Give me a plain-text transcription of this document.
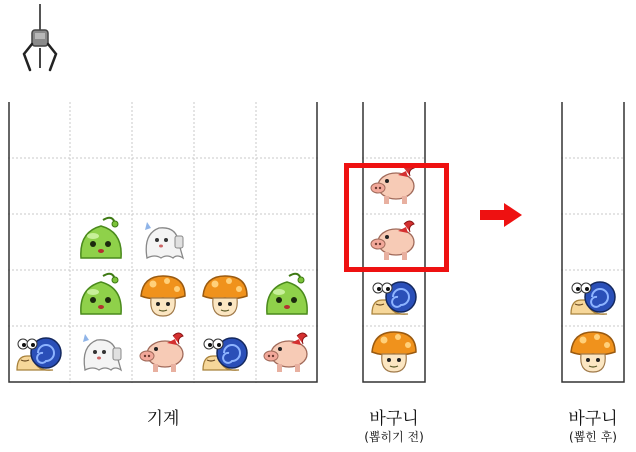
기계	바구니
(뽑히기 전)
바구니
(뽑힌 후)
